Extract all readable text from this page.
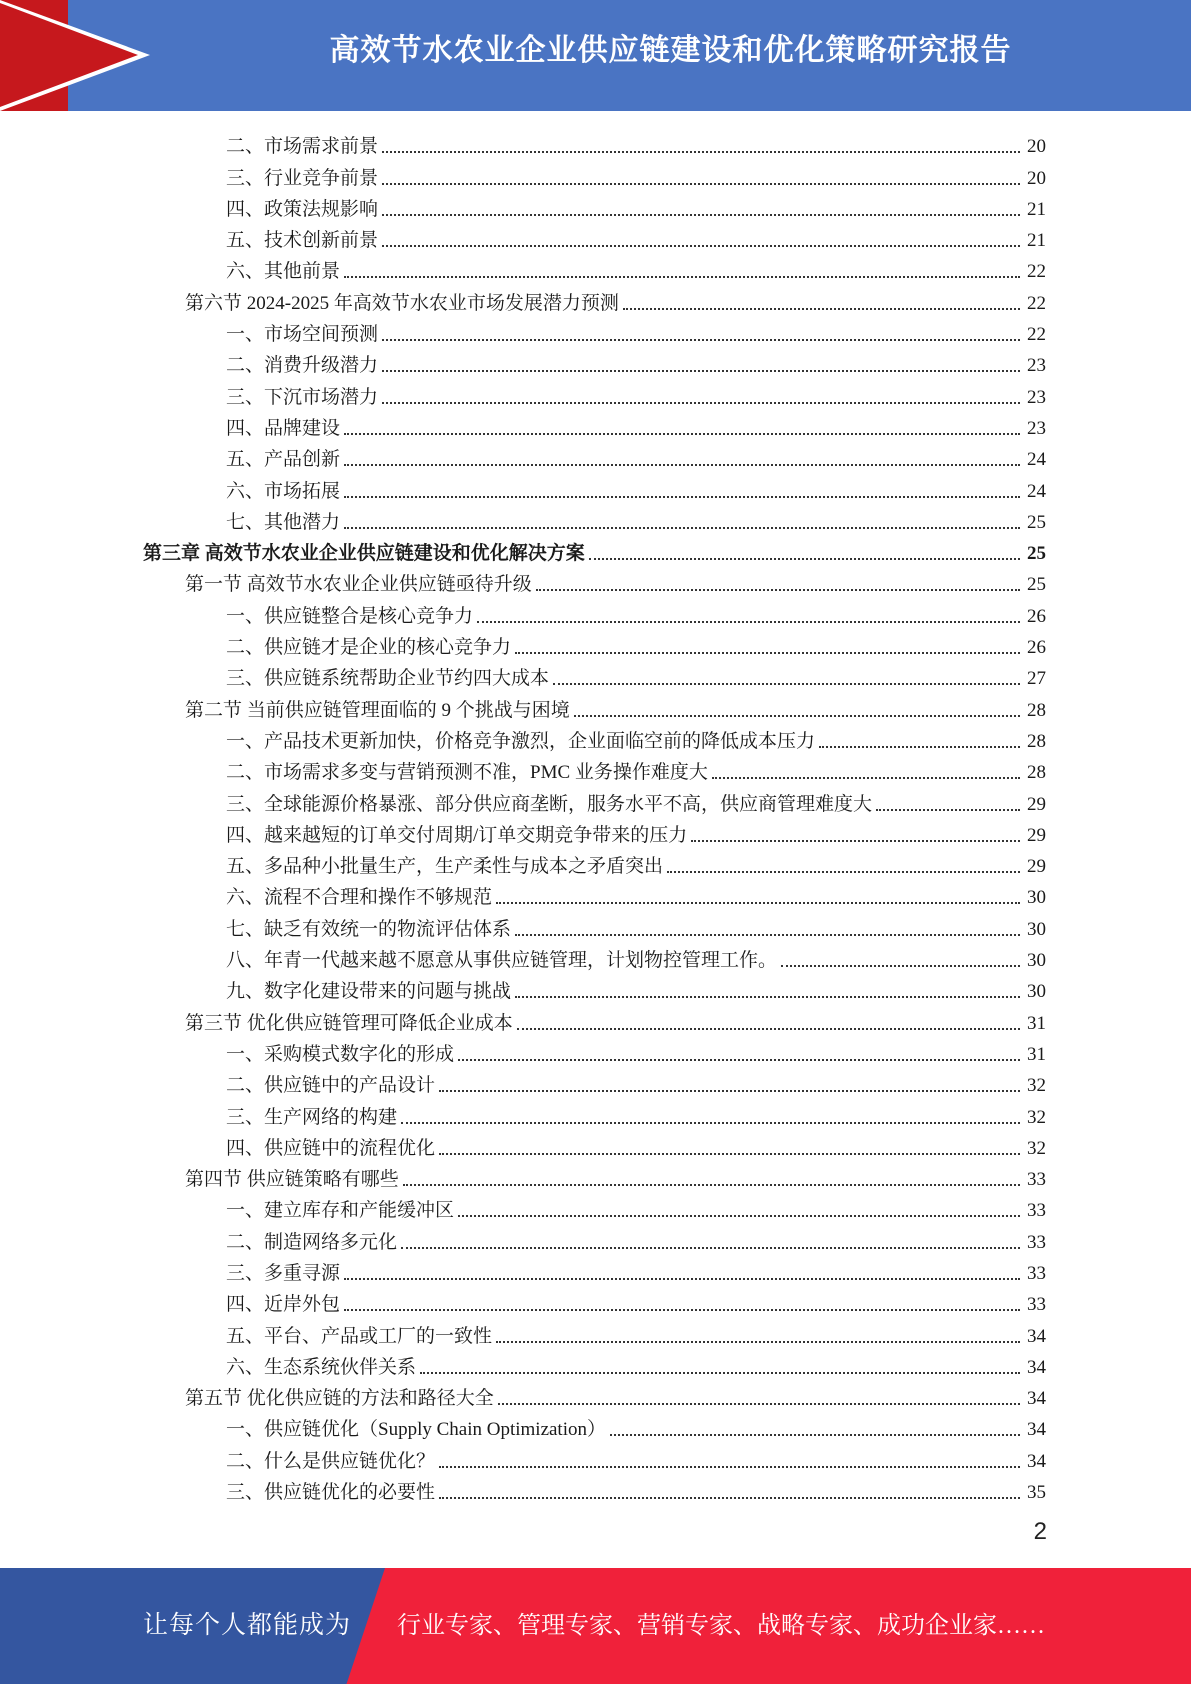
高效节水农业企业供应链建设和优化策略研究报告
二、市场需求前景	20
三、行业竞争前景	20
四、政策法规影响	21
五、技术创新前景	21
六、其他前景	22
第六节 2024-2025 年高效节水农业市场发展潜力预测	22
一、市场空间预测	22
二、消费升级潜力	23
三、下沉市场潜力	23
四、品牌建设	23
五、产品创新	24
六、市场拓展	24
七、其他潜力	25
第三章 高效节水农业企业供应链建设和优化解决方案	25
第一节 高效节水农业企业供应链亟待升级	25
一、供应链整合是核心竞争力	26
二、供应链才是企业的核心竞争力	26
三、供应链系统帮助企业节约四大成本	27
第二节 当前供应链管理面临的 9 个挑战与困境	28
一、产品技术更新加快，价格竞争激烈，企业面临空前的降低成本压力	28
二、市场需求多变与营销预测不准，PMC 业务操作难度大	28
三、全球能源价格暴涨、部分供应商垄断，服务水平不高，供应商管理难度大	29
四、越来越短的订单交付周期/订单交期竞争带来的压力	29
五、多品种小批量生产，生产柔性与成本之矛盾突出	29
六、流程不合理和操作不够规范	30
七、缺乏有效统一的物流评估体系	30
八、年青一代越来越不愿意从事供应链管理，计划物控管理工作。	30
九、数字化建设带来的问题与挑战	30
第三节 优化供应链管理可降低企业成本	31
一、采购模式数字化的形成	31
二、供应链中的产品设计	32
三、生产网络的构建	32
四、供应链中的流程优化	32
第四节 供应链策略有哪些	33
一、建立库存和产能缓冲区	33
二、制造网络多元化	33
三、多重寻源	33
四、近岸外包	33
五、平台、产品或工厂的一致性	34
六、生态系统伙伴关系	34
第五节 优化供应链的方法和路径大全	34
一、供应链优化（Supply Chain Optimization）	34
二、什么是供应链优化？	34
三、供应链优化的必要性	35
2
让每个人都能成为 行业专家、管理专家、营销专家、战略专家、成功企业家……
